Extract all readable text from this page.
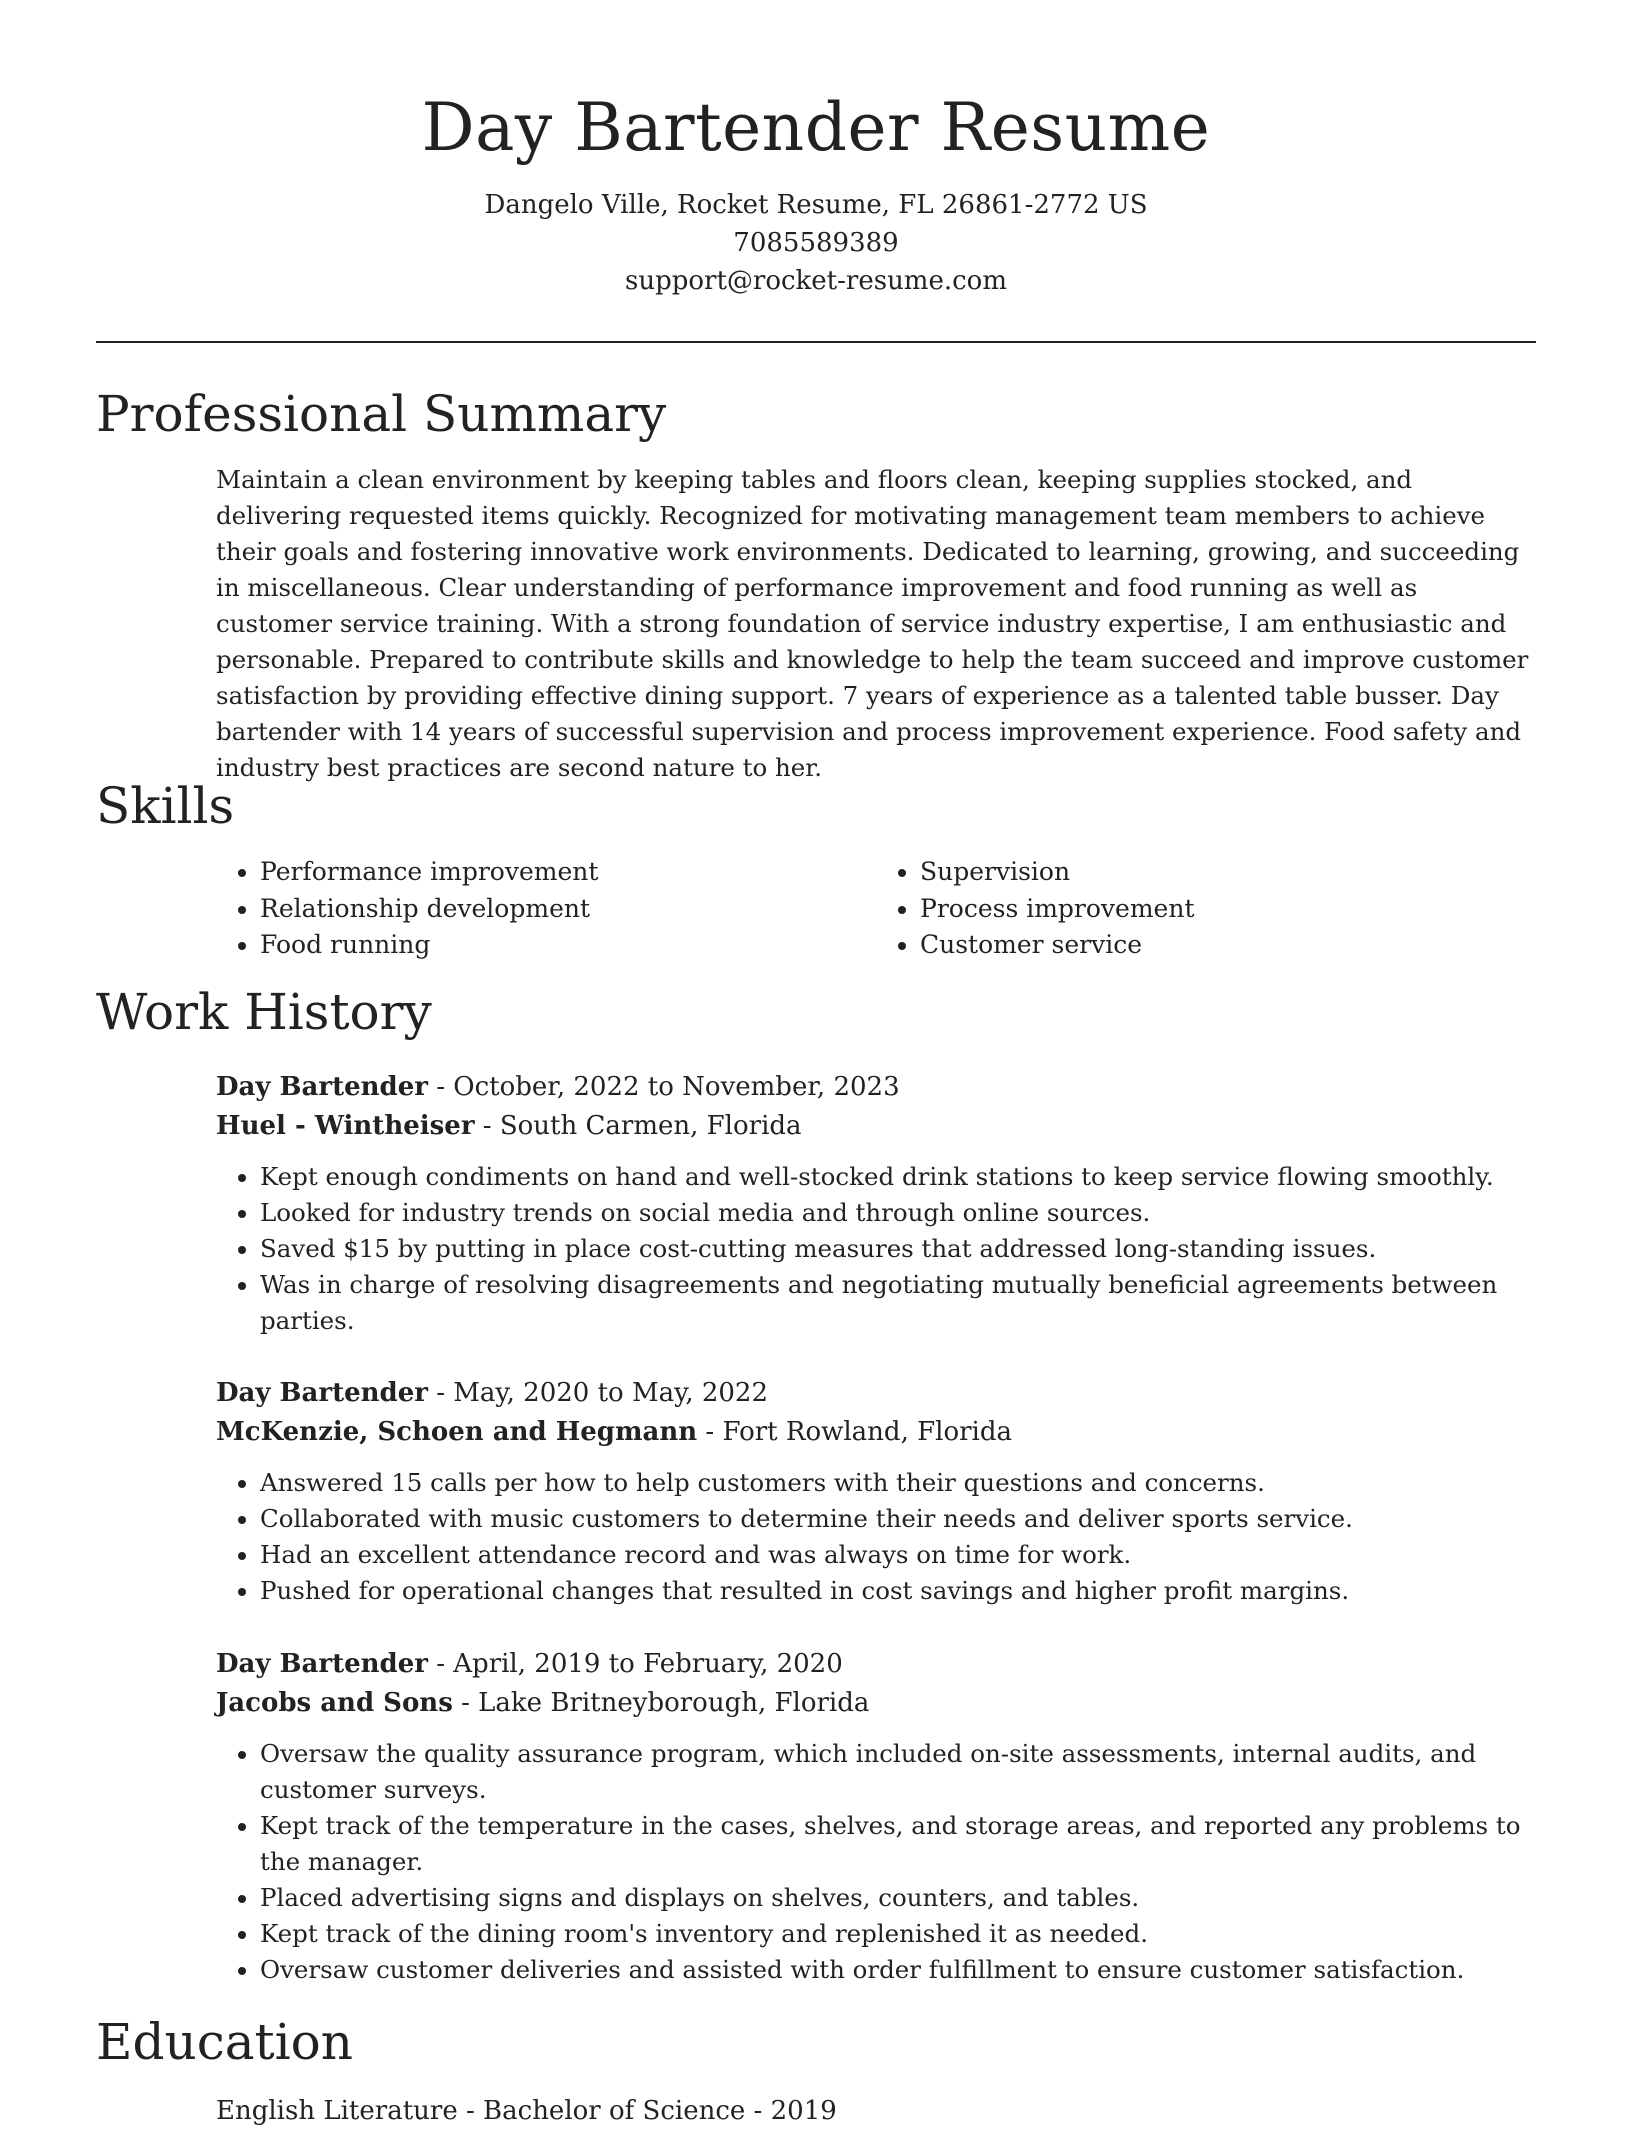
Day Bartender Resume
Dangelo Ville, Rocket Resume, FL 26861-2772 US
7085589389
support@rocket-resume.com
Professional Summary

Maintain a clean environment by keeping tables and floors clean, keeping supplies stocked, and delivering requested items quickly. Recognized for motivating management team members to achieve their goals and fostering innovative work environments. Dedicated to learning, growing, and succeeding in miscellaneous. Clear understanding of performance improvement and food running as well as customer service training. With a strong foundation of service industry expertise, I am enthusiastic and personable. Prepared to contribute skills and knowledge to help the team succeed and improve customer satisfaction by providing effective dining support. 7 years of experience as a talented table busser. Day bartender with 14 years of successful supervision and process improvement experience. Food safety and industry best practices are second nature to her.

Skills
• Performance improvement
• Relationship development
• Food running
• Supervision
• Process improvement
• Customer service
Work History
Day Bartender - October, 2022 to November, 2023
Huel - Wintheiser - South Carmen, Florida
• Kept enough condiments on hand and well-stocked drink stations to keep service flowing smoothly.
• Looked for industry trends on social media and through online sources.
• Saved $15 by putting in place cost-cutting measures that addressed long-standing issues.
• Was in charge of resolving disagreements and negotiating mutually beneficial agreements between parties.
Day Bartender - May, 2020 to May, 2022
McKenzie, Schoen and Hegmann - Fort Rowland, Florida
• Answered 15 calls per how to help customers with their questions and concerns.
• Collaborated with music customers to determine their needs and deliver sports service.
• Had an excellent attendance record and was always on time for work.
• Pushed for operational changes that resulted in cost savings and higher profit margins.
Day Bartender - April, 2019 to February, 2020
Jacobs and Sons - Lake Britneyborough, Florida
• Oversaw the quality assurance program, which included on-site assessments, internal audits, and customer surveys.
• Kept track of the temperature in the cases, shelves, and storage areas, and reported any problems to the manager.
• Placed advertising signs and displays on shelves, counters, and tables.
• Kept track of the dining room's inventory and replenished it as needed.
• Oversaw customer deliveries and assisted with order fulfillment to ensure customer satisfaction.
Education
English Literature - Bachelor of Science - 2019
